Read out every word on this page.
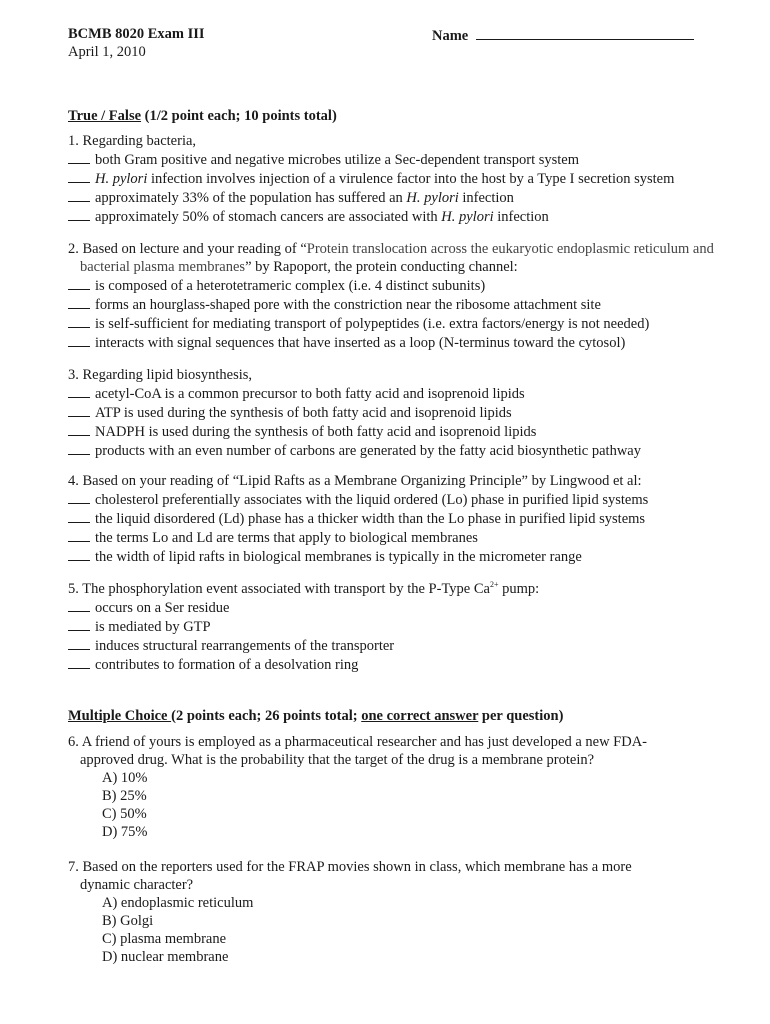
BCMB 8020 Exam III
April 1, 2010
Name
True / False (1/2 point each; 10 points total)
1. Regarding bacteria,
both Gram positive and negative microbes utilize a Sec-dependent transport system
H. pylori infection involves injection of a virulence factor into the host by a Type I secretion system
approximately 33% of the population has suffered an H. pylori infection
approximately 50% of stomach cancers are associated with H. pylori infection
2. Based on lecture and your reading of “Protein translocation across the eukaryotic endoplasmic reticulum and bacterial plasma membranes” by Rapoport, the protein conducting channel:
is composed of a heterotetrameric complex (i.e. 4 distinct subunits)
forms an hourglass-shaped pore with the constriction near the ribosome attachment site
is self-sufficient for mediating transport of polypeptides (i.e. extra factors/energy is not needed)
interacts with signal sequences that have inserted as a loop (N-terminus toward the cytosol)
3. Regarding lipid biosynthesis,
acetyl-CoA is a common precursor to both fatty acid and isoprenoid lipids
ATP is used during the synthesis of both fatty acid and isoprenoid lipids
NADPH is used during the synthesis of both fatty acid and isoprenoid lipids
products with an even number of carbons are generated by the fatty acid biosynthetic pathway
4. Based on your reading of “Lipid Rafts as a Membrane Organizing Principle” by Lingwood et al:
cholesterol preferentially associates with the liquid ordered (Lo) phase in purified lipid systems
the liquid disordered (Ld) phase has a thicker width than the Lo phase in purified lipid systems
the terms Lo and Ld are terms that apply to biological membranes
the width of lipid rafts in biological membranes is typically in the micrometer range
5. The phosphorylation event associated with transport by the P-Type $Ca^{2+}$ pump:
occurs on a Ser residue
is mediated by GTP
induces structural rearrangements of the transporter
contributes to formation of a desolvation ring
Multiple Choice (2 points each; 26 points total; one correct answer per question)
6. A friend of yours is employed as a pharmaceutical researcher and has just developed a new FDA-approved drug. What is the probability that the target of the drug is a membrane protein?
A) 10%
B) 25%
C) 50%
D) 75%
7. Based on the reporters used for the FRAP movies shown in class, which membrane has a more dynamic character?
A) endoplasmic reticulum
B) Golgi
C) plasma membrane
D) nuclear membrane
